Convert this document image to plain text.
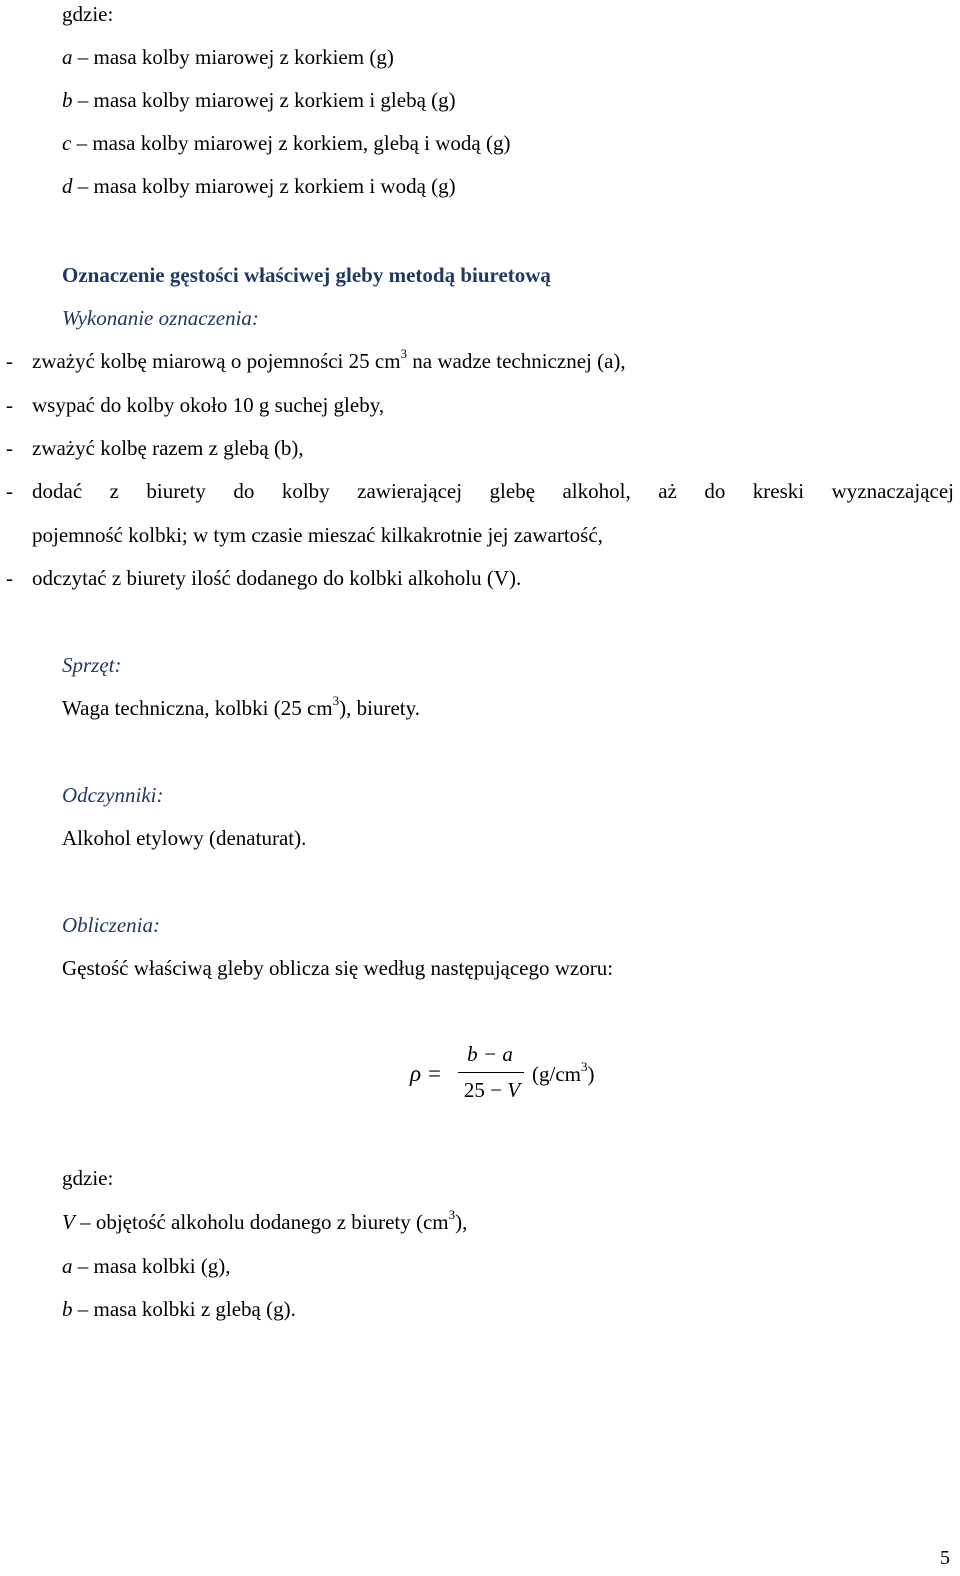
gdzie:
a – masa kolby miarowej z korkiem (g)
b – masa kolby miarowej z korkiem i glebą (g)
c – masa kolby miarowej z korkiem, glebą i wodą (g)
d – masa kolby miarowej z korkiem i wodą (g)
Oznaczenie gęstości właściwej gleby metodą biuretową
Wykonanie oznaczenia:
- zważyć kolbę miarową o pojemności 25 $cm^3$ na wadze technicznej (a),
- wsypać do kolby około 10 g suchej gleby,
- zważyć kolbę razem z glebą (b),
- dodać z biurety do kolby zawierającej glebę alkohol, aż do kreski wyznaczającej
pojemność kolbki; w tym czasie mieszać kilkakrotnie jej zawartość,
- odczytać z biurety ilość dodanego do kolbki alkoholu (V).
Sprzęt:
Waga techniczna, kolbki (25 $cm^3$), biurety.
Odczynniki:
Alkohol etylowy (denaturat).
Obliczenia:
Gęstość właściwą gleby oblicza się według następującego wzoru:
ρ =
b − a
25 − V
$(g/cm^3)$
gdzie:
V – objętość alkoholu dodanego z biurety $(cm^3)$,
a – masa kolbki (g),
b – masa kolbki z glebą (g).
5
